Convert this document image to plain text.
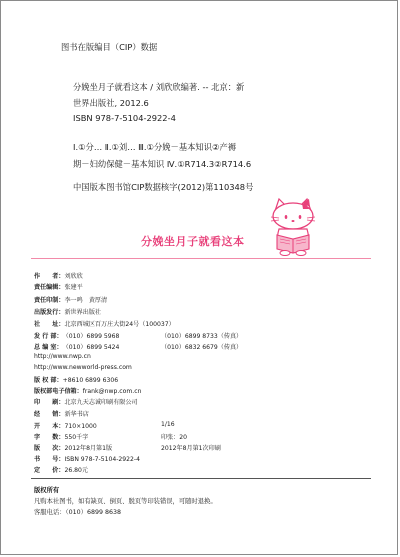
图书在版编目（CIP）数据
分娩坐月子就看这本 / 刘欣欣编著. -- 北京：新
世界出版社, 2012.6
ISBN 978-7-5104-2922-4
Ⅰ.①分… Ⅱ.①刘… Ⅲ.①分娩－基本知识②产褥
期－妇幼保健－基本知识 Ⅳ.①R714.3②R714.6
中国版本图书馆CIP数据核字(2012)第110348号
分娩坐月子就看这本
作　　者：刘欣欣
责任编辑：张建平
责任印制：李一鸣　黄厚清
出版发行：新世界出版社
社　　址：北京西城区百万庄大街24号（100037）
发 行 部：（010）6899 5968	（010）6899 8733（传真）
总 编 室：（010）6899 5424	（010）6832 6679（传真）
http://www.nwp.cn
http://www.newworld-press.com
版 权 部：+8610 6899 6306
版权部电子信箱：frank@nwp.com.cn
印　　刷：北京九天志诚印刷有限公司
经　　销：新华书店
开　　本：710×1000	1/16
字　　数：550千字	印张：20
版　　次：2012年8月第1版	2012年8月第1次印刷
书　　号：ISBN 978-7-5104-2922-4
定　　价：26.80元
版权所有
凡购本社图书，如有缺页、倒页、脱页等印装错误，可随时退换。
客服电话：（010）6899 8638
